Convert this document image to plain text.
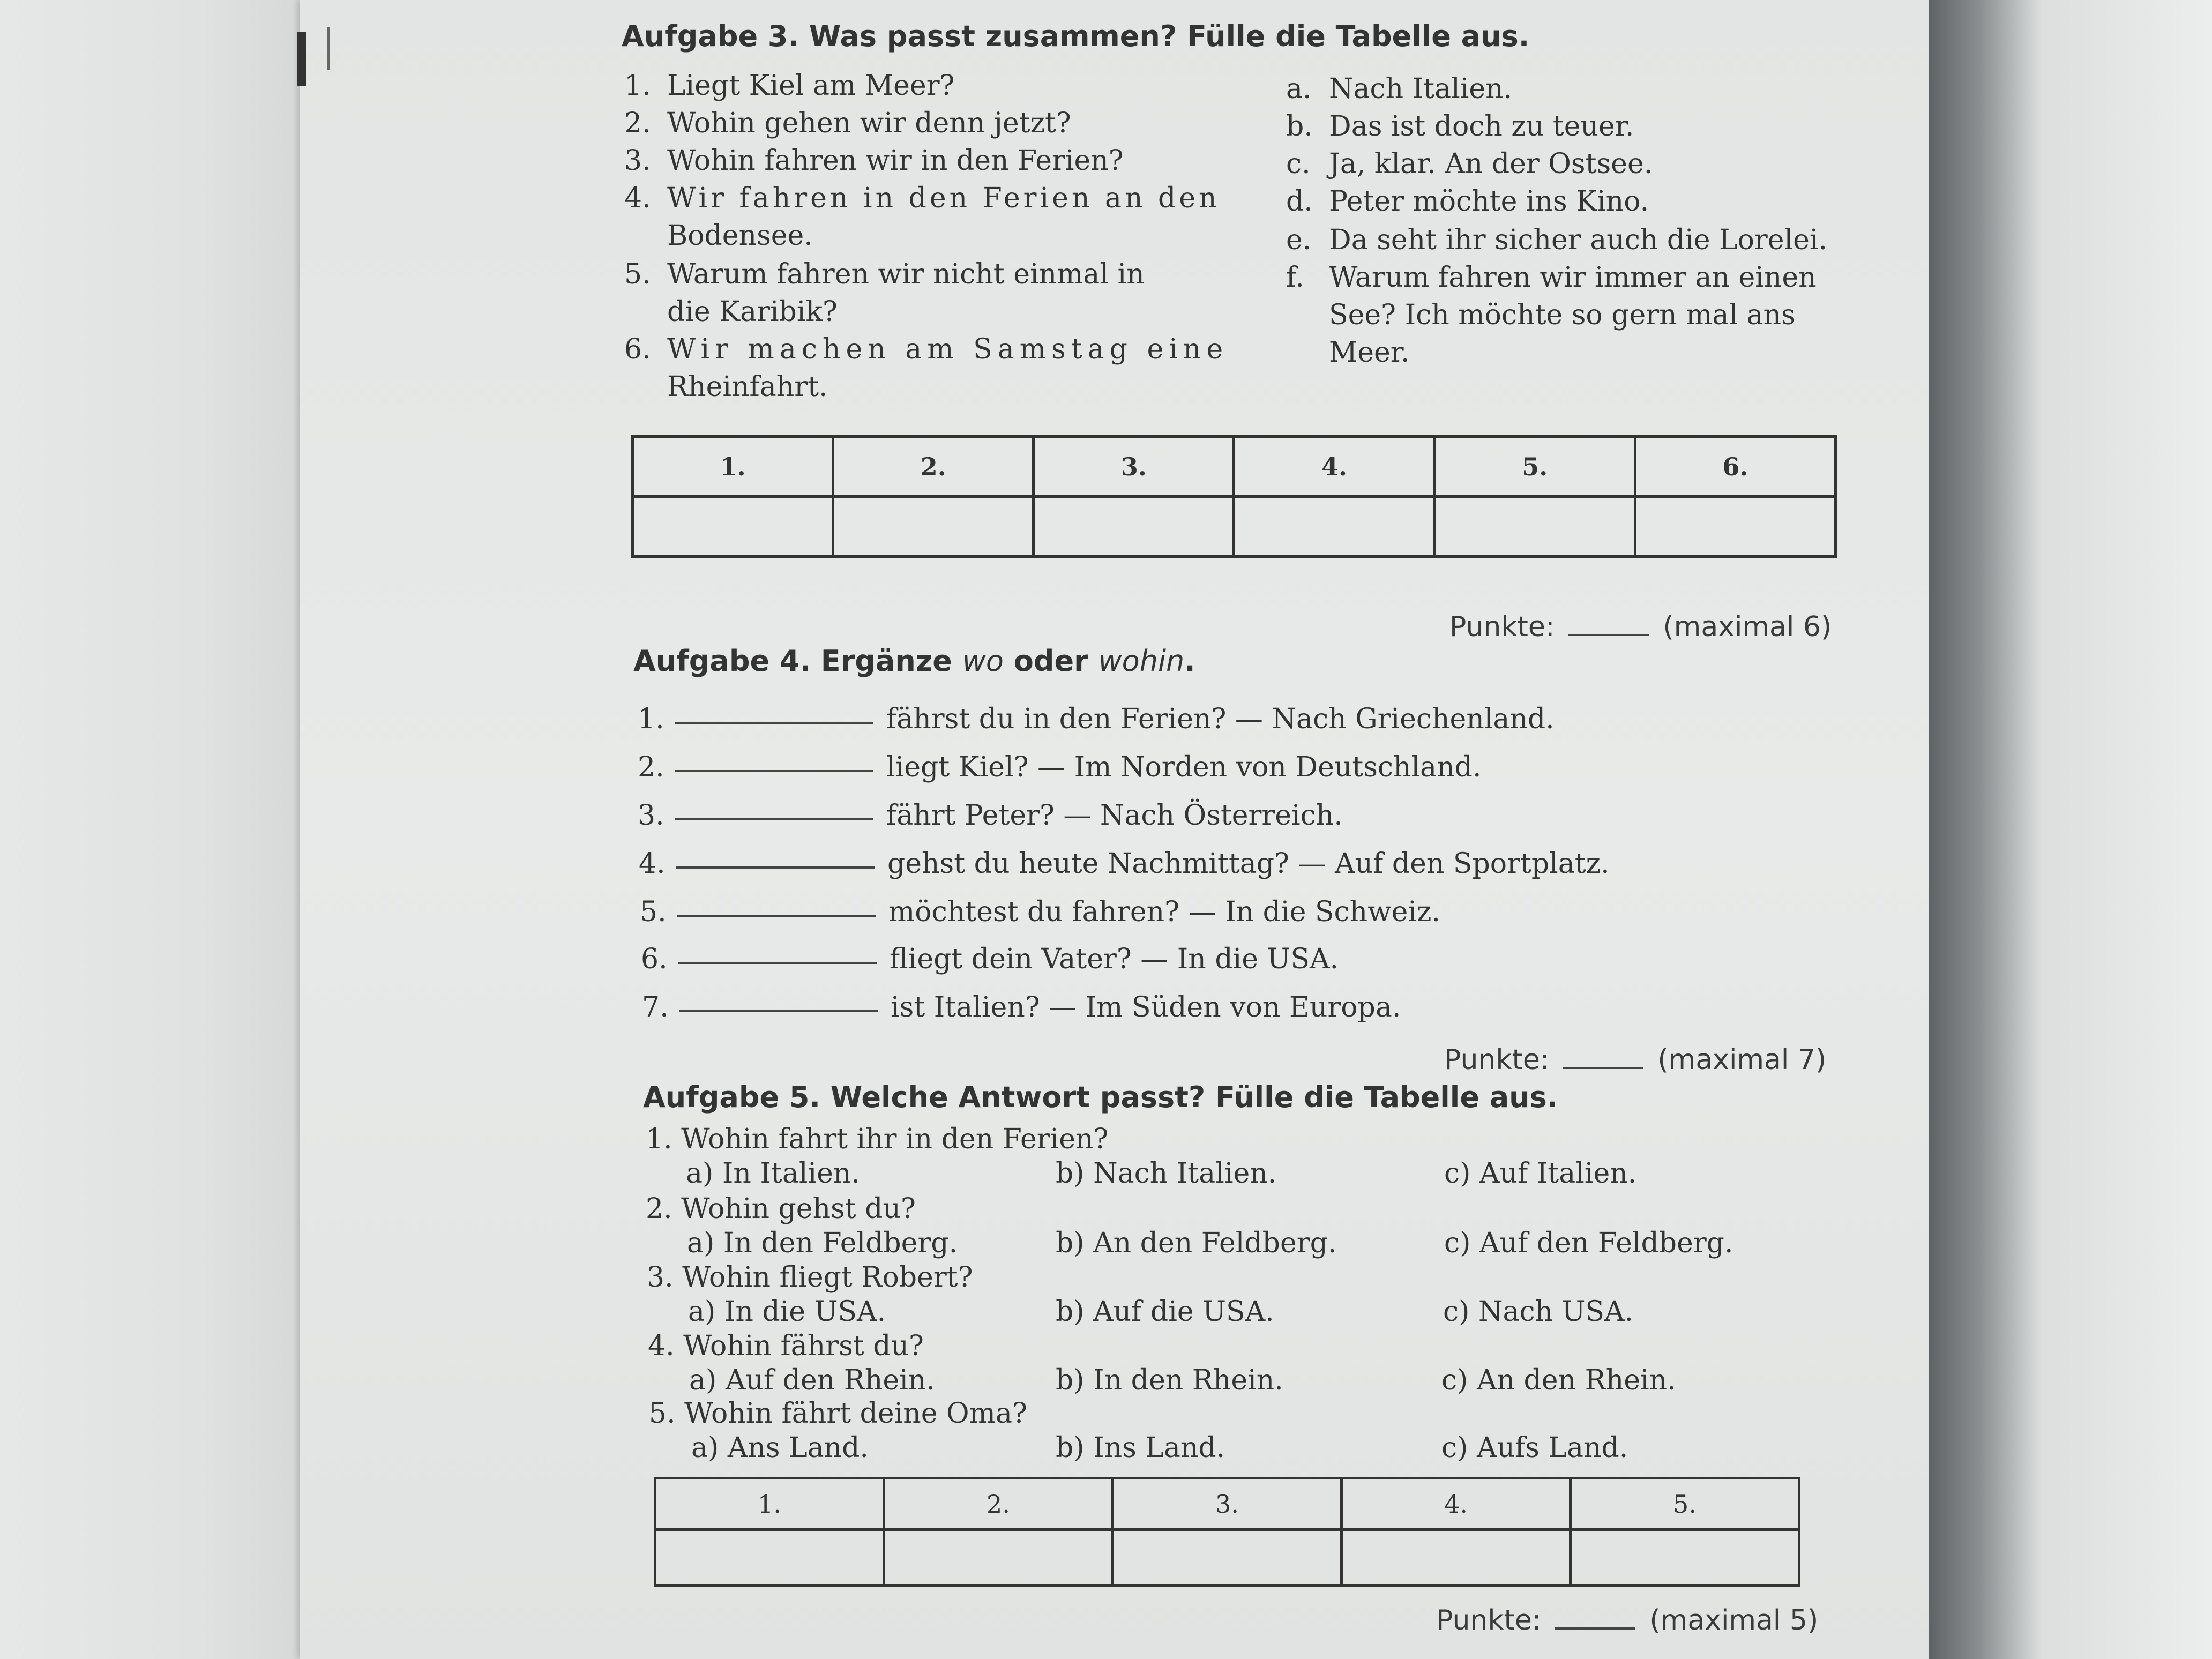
Aufgabe 3. Was passt zusammen? Fülle die Tabelle aus.
1. Liegt Kiel am Meer?
2. Wohin gehen wir denn jetzt?
3. Wohin fahren wir in den Ferien?
4. Wir fahren in den Ferien an den
Bodensee.
5. Warum fahren wir nicht einmal in
die Karibik?
6. Wir machen am Samstag eine
Rheinfahrt.
a. Nach Italien.
b. Das ist doch zu teuer.
c. Ja, klar. An der Ostsee.
d. Peter möchte ins Kino.
e. Da seht ihr sicher auch die Lorelei.
f. Warum fahren wir immer an einen
See? Ich möchte so gern mal ans
Meer.
1.	2.	3.	4.	5.	6.

Punkte:	(maximal 6)
Aufgabe 4. Ergänze wo oder wohin.
1.	fährst du in den Ferien? — Nach Griechenland.
2.	liegt Kiel? — Im Norden von Deutschland.
3.	fährt Peter? — Nach Österreich.
4.	gehst du heute Nachmittag? — Auf den Sportplatz.
5.	möchtest du fahren? — In die Schweiz.
6.	fliegt dein Vater? — In die USA.
7.	ist Italien? — Im Süden von Europa.
Punkte:	(maximal 7)
Aufgabe 5. Welche Antwort passt? Fülle die Tabelle aus.
1. Wohin fahrt ihr in den Ferien?
a) In Italien.	b) Nach Italien.	c) Auf Italien.
2. Wohin gehst du?
a) In den Feldberg.	b) An den Feldberg.	c) Auf den Feldberg.
3. Wohin fliegt Robert?
a) In die USA.	b) Auf die USA.	c) Nach USA.
4. Wohin fährst du?
a) Auf den Rhein.	b) In den Rhein.	c) An den Rhein.
5. Wohin fährt deine Oma?
a) Ans Land.	b) Ins Land.	c) Aufs Land.
1.	2.	3.	4.	5.

Punkte:	(maximal 5)
